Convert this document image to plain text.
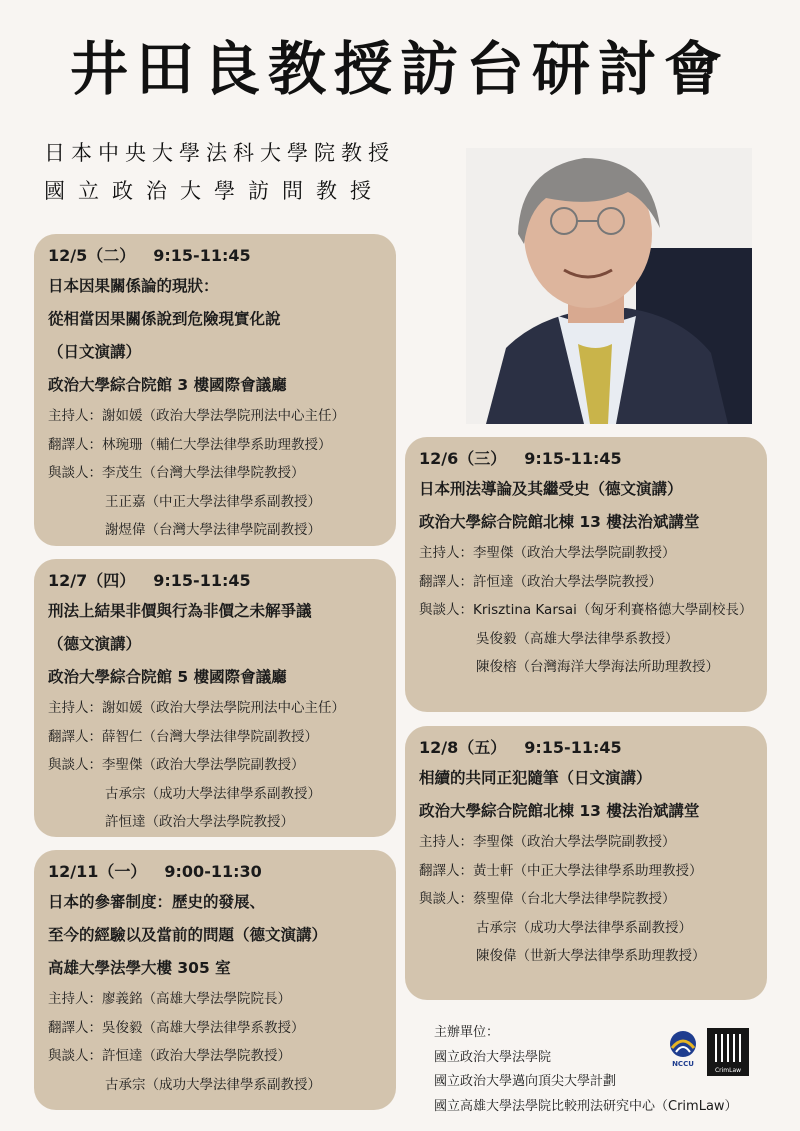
井田良教授訪台研討會
日本中央大學法科大學院教授
國立政治大學訪問教授
12/5（二） 9:15-11:45
日本因果關係論的現狀：
從相當因果關係說到危險現實化說
（日文演講）
政治大學綜合院館 3 樓國際會議廳
主持人：謝如媛（政治大學法學院刑法中心主任）
翻譯人：林琬珊（輔仁大學法律學系助理教授）
與談人：李茂生（台灣大學法律學院教授）
王正嘉（中正大學法律學系副教授）
謝煜偉（台灣大學法律學院副教授）
12/7（四） 9:15-11:45
刑法上結果非價與行為非價之未解爭議
（德文演講）
政治大學綜合院館 5 樓國際會議廳
主持人：謝如媛（政治大學法學院刑法中心主任）
翻譯人：薛智仁（台灣大學法律學院副教授）
與談人：李聖傑（政治大學法學院副教授）
古承宗（成功大學法律學系副教授）
許恒達（政治大學法學院教授）
12/11（一） 9:00-11:30
日本的參審制度：歷史的發展、
至今的經驗以及當前的問題（德文演講）
高雄大學法學大樓 305 室
主持人：廖義銘（高雄大學法學院院長）
翻譯人：吳俊毅（高雄大學法律學系教授）
與談人：許恒達（政治大學法學院教授）
古承宗（成功大學法律學系副教授）
12/6（三） 9:15-11:45
日本刑法導論及其繼受史（德文演講）
政治大學綜合院館北棟 13 樓法治斌講堂
主持人：李聖傑（政治大學法學院副教授）
翻譯人：許恒達（政治大學法學院教授）
與談人：Krisztina Karsai（匈牙利賽格德大學副校長）
吳俊毅（高雄大學法律學系教授）
陳俊榕（台灣海洋大學海法所助理教授）
12/8（五） 9:15-11:45
相續的共同正犯隨筆（日文演講）
政治大學綜合院館北棟 13 樓法治斌講堂
主持人：李聖傑（政治大學法學院副教授）
翻譯人：黃士軒（中正大學法律學系助理教授）
與談人：蔡聖偉（台北大學法律學院教授）
古承宗（成功大學法律學系副教授）
陳俊偉（世新大學法律學系助理教授）
主辦單位：
國立政治大學法學院
國立政治大學邁向頂尖大學計劃
國立高雄大學法學院比較刑法研究中心（CrimLaw）
NCCU
CrimLaw
